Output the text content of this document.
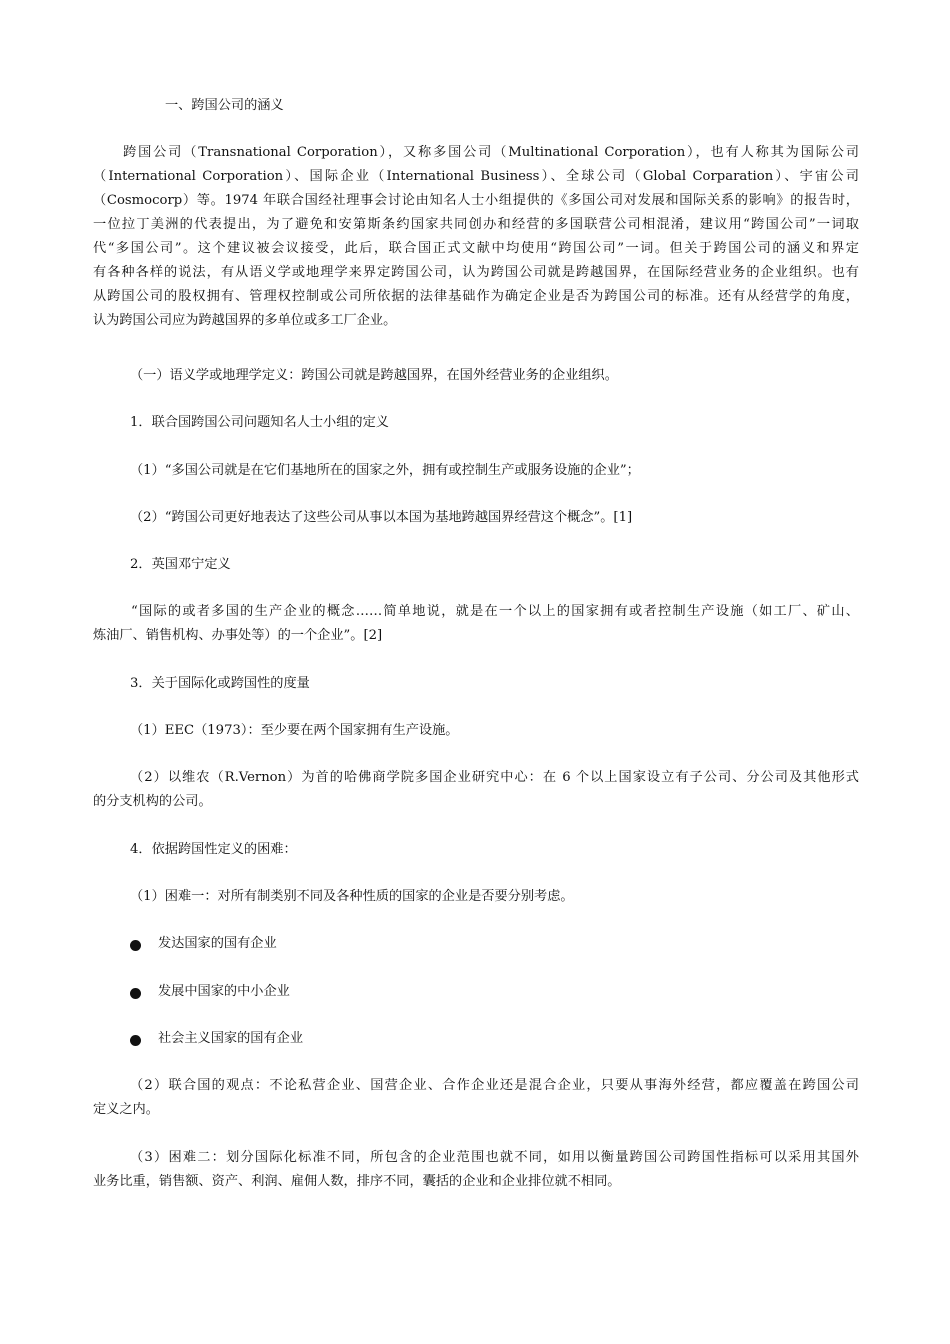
一、跨国公司的涵义

　　跨国公司（Transnational Corporation），又称多国公司（Multinational Corporation），也有人称其为国际公司
（International Corporation）、国际企业（International Business）、全球公司（Global Corparation）、宇宙公司
（Cosmocorp）等。1974 年联合国经社理事会讨论由知名人士小组提供的《多国公司对发展和国际关系的影响》的报告时，
一位拉丁美洲的代表提出，为了避免和安第斯条约国家共同创办和经营的多国联营公司相混淆，建议用“跨国公司”一词取
代“多国公司”。这个建议被会议接受，此后，联合国正式文献中均使用“跨国公司”一词。但关于跨国公司的涵义和界定
有各种各样的说法，有从语义学或地理学来界定跨国公司，认为跨国公司就是跨越国界，在国际经营业务的企业组织。也有
从跨国公司的股权拥有、管理权控制或公司所依据的法律基础作为确定企业是否为跨国公司的标准。还有从经营学的角度，
认为跨国公司应为跨越国界的多单位或多工厂企业。

（一）语义学或地理学定义：跨国公司就是跨越国界，在国外经营业务的企业组织。

1．联合国跨国公司问题知名人士小组的定义

（1）“多国公司就是在它们基地所在的国家之外，拥有或控制生产或服务设施的企业”；

（2）“跨国公司更好地表达了这些公司从事以本国为基地跨越国界经营这个概念”。[1]

2．英国邓宁定义

“国际的或者多国的生产企业的概念……简单地说，就是在一个以上的国家拥有或者控制生产设施（如工厂、矿山、
炼油厂、销售机构、办事处等）的一个企业”。[2]

3．关于国际化或跨国性的度量

（1）EEC（1973）：至少要在两个国家拥有生产设施。

（2）以维农（R.Vernon）为首的哈佛商学院多国企业研究中心：在 6 个以上国家设立有子公司、分公司及其他形式
的分支机构的公司。

4．依据跨国性定义的困难：

（1）困难一：对所有制类别不同及各种性质的国家的企业是否要分别考虑。

发达国家的国有企业
发展中国家的中小企业
社会主义国家的国有企业
（2）联合国的观点：不论私营企业、国营企业、合作企业还是混合企业，只要从事海外经营，都应覆盖在跨国公司
定义之内。
（3）困难二：划分国际化标准不同，所包含的企业范围也就不同，如用以衡量跨国公司跨国性指标可以采用其国外
业务比重，销售额、资产、利润、雇佣人数，排序不同，囊括的企业和企业排位就不相同。
